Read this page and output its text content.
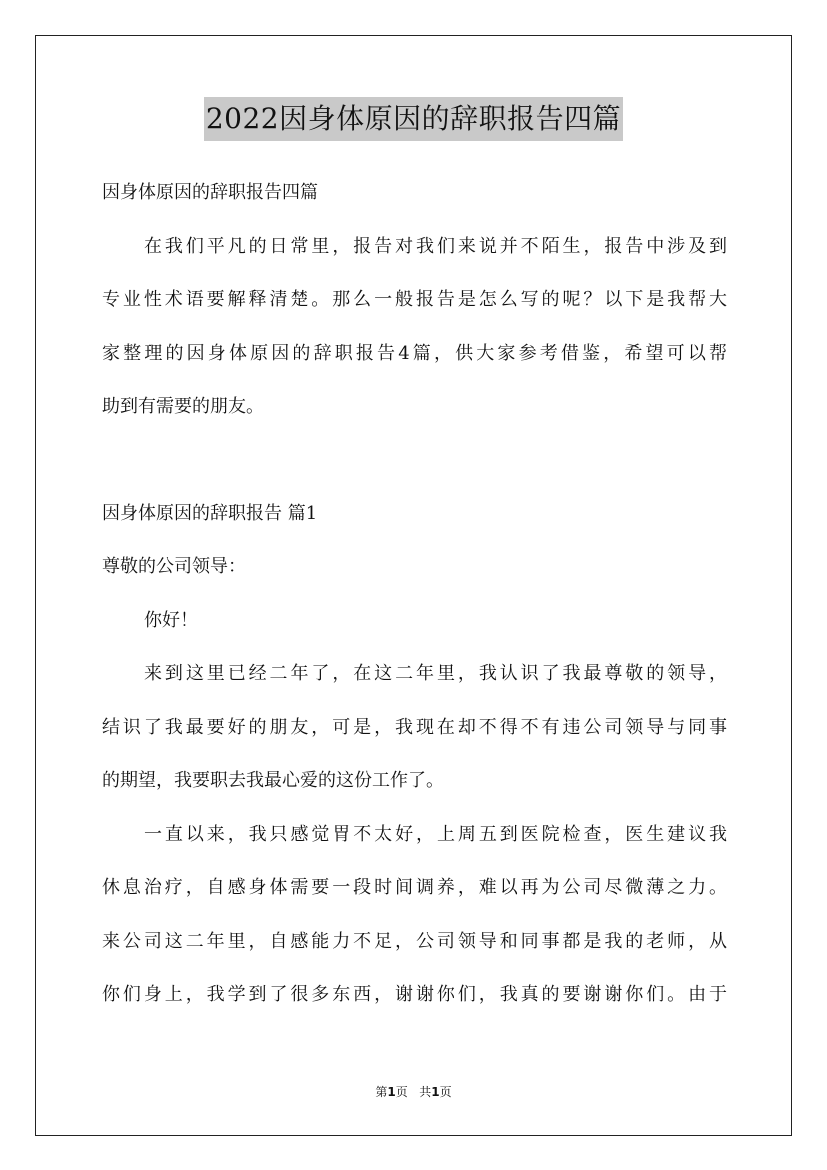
2022因身体原因的辞职报告四篇
因身体原因的辞职报告四篇
在我们平凡的日常里，报告对我们来说并不陌生，报告中涉及到
专业性术语要解释清楚。那么一般报告是怎么写的呢？以下是我帮大
家整理的因身体原因的辞职报告4篇，供大家参考借鉴，希望可以帮
助到有需要的朋友。
因身体原因的辞职报告 篇1
尊敬的公司领导：
你好！
来到这里已经二年了，在这二年里，我认识了我最尊敬的领导，
结识了我最要好的朋友，可是，我现在却不得不有违公司领导与同事
的期望，我要职去我最心爱的这份工作了。
一直以来，我只感觉胃不太好，上周五到医院检查，医生建议我
休息治疗，自感身体需要一段时间调养，难以再为公司尽微薄之力。
来公司这二年里，自感能力不足，公司领导和同事都是我的老师，从
你们身上，我学到了很多东西，谢谢你们，我真的要谢谢你们。由于
第1页 共1页
